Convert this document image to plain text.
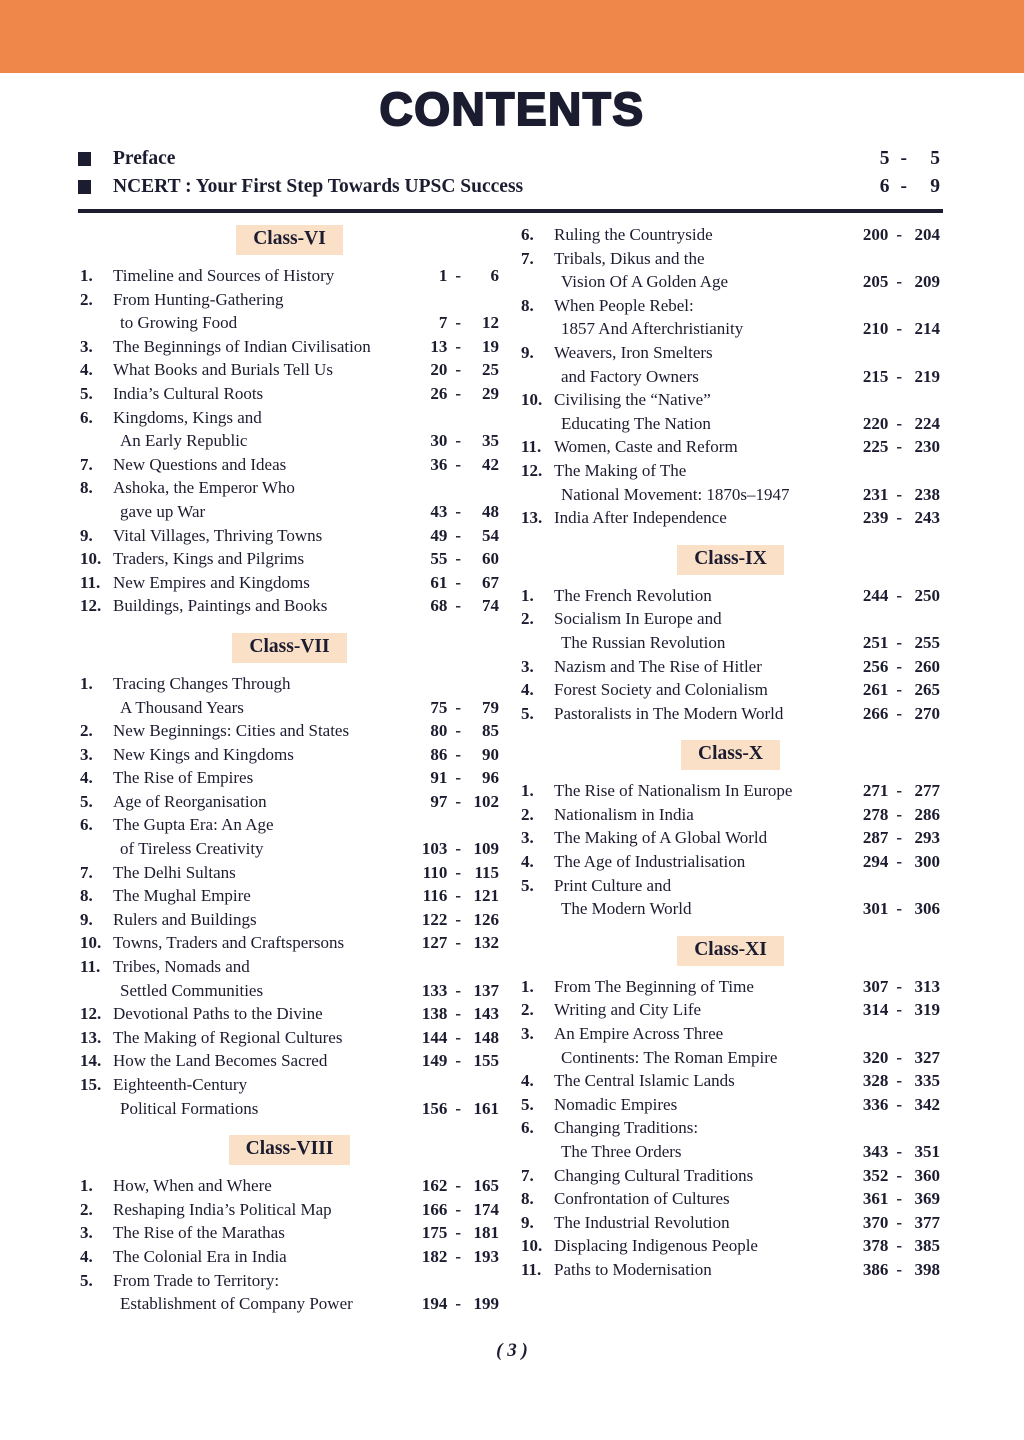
CONTENTS
Preface	5 -	5
NCERT : Your First Step Towards UPSC Success	6 -	9
Class-VI
1.	Timeline and Sources of History	1 -	6
2.	From Hunting-Gathering
to Growing Food	7 -	12
3.	The Beginnings of Indian Civilisation	13 -	19
4.	What Books and Burials Tell Us	20 -	25
5.	India’s Cultural Roots	26 -	29
6.	Kingdoms, Kings and
An Early Republic	30 -	35
7.	New Questions and Ideas	36 -	42
8.	Ashoka, the Emperor Who
gave up War	43 -	48
9.	Vital Villages, Thriving Towns	49 -	54
10. Traders, Kings and Pilgrims	55 -	60
11. New Empires and Kingdoms	61 -	67
12. Buildings, Paintings and Books	68 -	74
Class-VII
1.	Tracing Changes Through
A Thousand Years	75 -	79
2.	New Beginnings: Cities and States	80 -	85
3.	New Kings and Kingdoms	86 -	90
4.	The Rise of Empires	91 -	96
5.	Age of Reorganisation	97 - 102
6.	The Gupta Era: An Age
of Tireless Creativity	103 - 109
7.	The Delhi Sultans	110 - 115
8.	The Mughal Empire	116 - 121
9.	Rulers and Buildings	122 - 126
10. Towns, Traders and Craftspersons	127 - 132
11. Tribes, Nomads and
Settled Communities	133 - 137
12. Devotional Paths to the Divine	138 - 143
13. The Making of Regional Cultures	144 - 148
14. How the Land Becomes Sacred	149 - 155
15. Eighteenth-Century
Political Formations	156 - 161
Class-VIII
1.	How, When and Where	162 - 165
2.	Reshaping India’s Political Map	166 - 174
3.	The Rise of the Marathas	175 - 181
4.	The Colonial Era in India	182 - 193
5.	From Trade to Territory:
Establishment of Company Power	194 - 199
6.	Ruling the Countryside	200 - 204
7.	Tribals, Dikus and the
Vision Of A Golden Age	205 - 209
8.	When People Rebel:
1857 And Afterchristianity	210 - 214
9.	Weavers, Iron Smelters
and Factory Owners	215 - 219
10. Civilising the “Native”
Educating The Nation	220 - 224
11. Women, Caste and Reform	225 - 230
12. The Making of The
National Movement: 1870s–1947	231 - 238
13. India After Independence	239 - 243
Class-IX
1.	The French Revolution	244 - 250
2.	Socialism In Europe and
The Russian Revolution	251 - 255
3.	Nazism and The Rise of Hitler	256 - 260
4.	Forest Society and Colonialism	261 - 265
5.	Pastoralists in The Modern World	266 - 270
Class-X
1.	The Rise of Nationalism In Europe	271 - 277
2.	Nationalism in India	278 - 286
3.	The Making of A Global World	287 - 293
4.	The Age of Industrialisation	294 - 300
5.	Print Culture and
The Modern World	301 - 306
Class-XI
1.	From The Beginning of Time	307 - 313
2.	Writing and City Life	314 - 319
3.	An Empire Across Three
Continents: The Roman Empire	320 - 327
4.	The Central Islamic Lands	328 - 335
5.	Nomadic Empires	336 - 342
6.	Changing Traditions:
The Three Orders	343 - 351
7.	Changing Cultural Traditions	352 - 360
8.	Confrontation of Cultures	361 - 369
9.	The Industrial Revolution	370 - 377
10. Displacing Indigenous People	378 - 385
11. Paths to Modernisation	386 - 398
( 3 )
